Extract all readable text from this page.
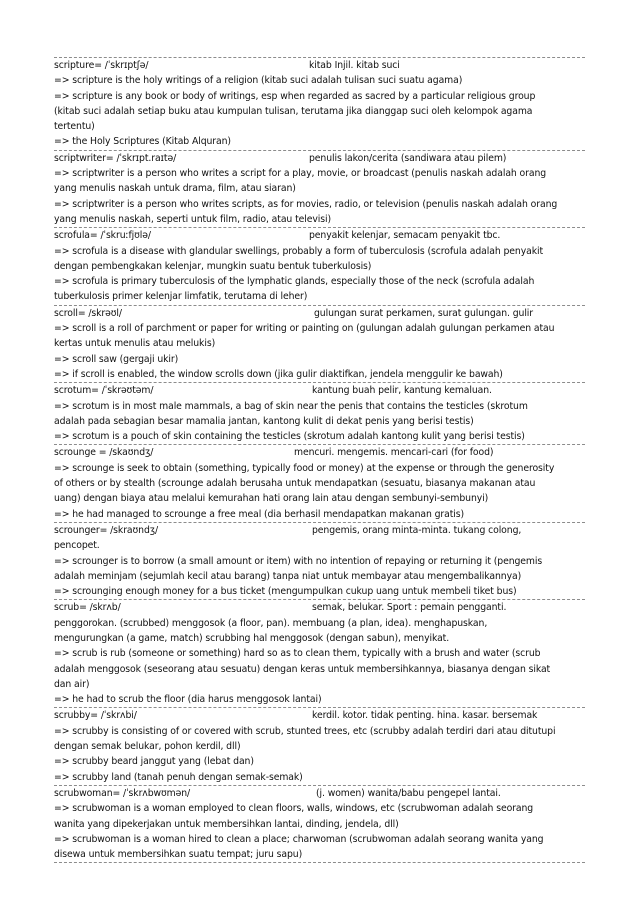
scripture= /ˈskrɪptʃə/	kitab Injil. kitab suci
=> scripture is the holy writings of a religion (kitab suci adalah tulisan suci suatu agama)
=> scripture is any book or body of writings, esp when regarded as sacred by a particular religious group
(kitab suci adalah setiap buku atau kumpulan tulisan, terutama jika dianggap suci oleh kelompok agama
tertentu)
=> the Holy Scriptures (Kitab Alquran)
scriptwriter= /ˈskrɪpt.raɪtə/	penulis lakon/cerita (sandiwara atau pilem)
=> scriptwriter is a person who writes a script for a play, movie, or broadcast (penulis naskah adalah orang
yang menulis naskah untuk drama, film, atau siaran)
=> scriptwriter is a person who writes scripts, as for movies, radio, or television (penulis naskah adalah orang
yang menulis naskah, seperti untuk film, radio, atau televisi)
scrofula= /ˈskruːfjʊlə/	penyakit kelenjar, semacam penyakit tbc.
=> scrofula is a disease with glandular swellings, probably a form of tuberculosis (scrofula adalah penyakit
dengan pembengkakan kelenjar, mungkin suatu bentuk tuberkulosis)
=> scrofula is primary tuberculosis of the lymphatic glands, especially those of the neck (scrofula adalah
tuberkulosis primer kelenjar limfatik, terutama di leher)
scroll= /skrəʊl/	gulungan surat perkamen, surat gulungan. gulir
=> scroll is a roll of parchment or paper for writing or painting on (gulungan adalah gulungan perkamen atau
kertas untuk menulis atau melukis)
=> scroll saw (gergaji ukir)
=> if scroll is enabled, the window scrolls down (jika gulir diaktifkan, jendela menggulir ke bawah)
scrotum= /ˈskrəʊtəm/	kantung buah pelir, kantung kemaluan.
=> scrotum is in most male mammals, a bag of skin near the penis that contains the testicles (skrotum
adalah pada sebagian besar mamalia jantan, kantong kulit di dekat penis yang berisi testis)
=> scrotum is a pouch of skin containing the testicles (skrotum adalah kantong kulit yang berisi testis)
scrounge = /skaʊndʒ/	mencuri. mengemis. mencari-cari (for food)
=> scrounge is seek to obtain (something, typically food or money) at the expense or through the generosity
of others or by stealth (scrounge adalah berusaha untuk mendapatkan (sesuatu, biasanya makanan atau
uang) dengan biaya atau melalui kemurahan hati orang lain atau dengan sembunyi-sembunyi)
=> he had managed to scrounge a free meal (dia berhasil mendapatkan makanan gratis)
scrounger= /skraʊndʒ/	pengemis, orang minta-minta. tukang colong,
pencopet.
=> scrounger is to borrow (a small amount or item) with no intention of repaying or returning it (pengemis
adalah meminjam (sejumlah kecil atau barang) tanpa niat untuk membayar atau mengembalikannya)
=> scrounging enough money for a bus ticket (mengumpulkan cukup uang untuk membeli tiket bus)
scrub= /skrʌb/	semak, belukar. Sport : pemain pengganti.
penggorokan. (scrubbed) menggosok (a floor, pan). membuang (a plan, idea). menghapuskan,
mengurungkan (a game, match) scrubbing hal menggosok (dengan sabun), menyikat.
=> scrub is rub (someone or something) hard so as to clean them, typically with a brush and water (scrub
adalah menggosok (seseorang atau sesuatu) dengan keras untuk membersihkannya, biasanya dengan sikat
dan air)
=> he had to scrub the floor (dia harus menggosok lantai)
scrubby= /ˈskrʌbi/	kerdil. kotor. tidak penting. hina. kasar. bersemak
=> scrubby is consisting of or covered with scrub, stunted trees, etc (scrubby adalah terdiri dari atau ditutupi
dengan semak belukar, pohon kerdil, dll)
=> scrubby beard janggut yang (lebat dan)
=> scrubby land (tanah penuh dengan semak-semak)
scrubwoman= /ˈskrʌbwʊmən/	(j. women) wanita/babu pengepel lantai.
=> scrubwoman is a woman employed to clean floors, walls, windows, etc (scrubwoman adalah seorang
wanita yang dipekerjakan untuk membersihkan lantai, dinding, jendela, dll)
=> scrubwoman is a woman hired to clean a place; charwoman (scrubwoman adalah seorang wanita yang
disewa untuk membersihkan suatu tempat; juru sapu)
